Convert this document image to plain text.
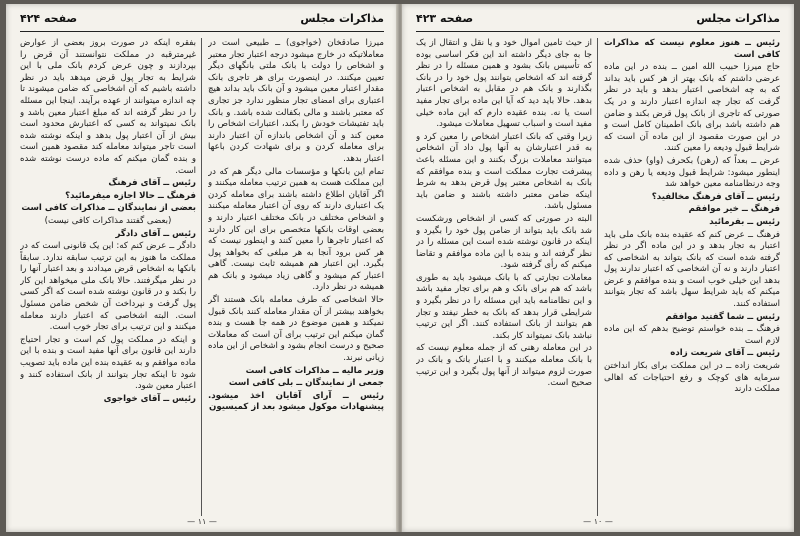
مذاکرات مجلس
صفحه ۴۲۴

میرزا صادقخان (خواجوی) ــ طبیعی است در معاملاتیکه در خارج میشود درجه اعتبار تجار معتبر و اشخاص را دولت با بانک ملتی بانگهای دیگر تعیین میکنند. در اینصورت برای هر تاجری بانک مقدار اعتبار معین میشود و آن بانک باید بداند هیچ اعتباری برای امضای تجار منظور ندارد جز تجاری که معتبر باشند و مالی بکفالت شده باشد. و بانک باید تفتیشات خودش را بکند، اعتبارات اشخاص را معین کند و آن اشخاص باندازه آن اعتبار دارند برای معامله کردن و برای شهادت کردن باعها اعتبار بدهد.

تمام این بانکها و مؤسسات مالی دیگر هم که در این مملکت هست به همین ترتیب معامله میکنند و اگر آقایان اطلاع داشته باشند برای معامله کردن یک اعتباری دارند که روی آن اعتبار معامله میکنند و اشخاص مختلف در بانک مختلف اعتبار دارند و بعضی اوقات بانکها متخصص برای این کار دارند که اعتبار تاجرها را معین کنند و اینطور نیست که هر کس برود آنجا به هر مبلغی که بخواهد پول بگیرد. این اعتبار هم همیشه ثابت نیست. گاهی اعتبار کم میشود و گاهی زیاد میشود و بانک هم همیشه در نظر دارد.

حالا اشخاصی که طرف معامله بانک هستند اگر بخواهند بیشتر از آن مقدار معامله کنند بانک قبول نمیکند و همین موضوع در همه جا هست و بنده گمان میکنم این ترتیب برای آن است که معاملات صحیح و درست انجام بشود و اشخاص از این ماده زیانی نبرند.

وزیر مالیه ــ مذاکرات کافی است

جمعی از نمایندگان ــ بلی کافی است

رئیس ــ آرای آقایان اخذ میشود. پیشنهادات موکول میشود بعد از کمیسیون

بفقره اینکه در صورت بروز بعضی از عوارض غیرمترقبه در مملکت نتوانستند آن قرض را بپردازند و چون عرض کردم بانک ملی با این شرایط به تجار پول قرض میدهد باید در نظر داشته باشیم که آن اشخاصی که ضامن میشوند تا چه اندازه میتوانند از عهده برآیند. اینجا این مسئله را در نظر گرفته اند که مبلغ اعتبار معین باشد و بانک نمیتواند به کسی که اعتبارش محدود است بیش از آن اعتبار پول بدهد و اینکه نوشته شده است تاجر میتواند معامله کند مقصود همین است و بنده گمان میکنم که ماده درست نوشته شده است.

رئیس ــ آقای فرهنگ

فرهنگ ــ حالا اجازه میفرمائید؟

بعضی از نمایندگان ــ مذاکرات کافی است

(بعضی گفتند مذاکرات کافی نیست)

رئیس ــ آقای دادگر

دادگر ــ عرض کنم که: این یک قانونی است که در مملکت ما هنوز به این ترتیب سابقه ندارد. سابقاً بانکها به اشخاص قرض میدادند و بعد اعتبار آنها را در نظر میگرفتند. حالا بانک ملی میخواهد این کار را بکند و در قانون نوشته شده است که اگر کسی پول گرفت و نپرداخت آن شخص ضامن مسئول است. البته اشخاصی که اعتبار دارند معامله میکنند و این ترتیب برای تجار خوب است.

و اینکه در مملکت پول کم است و تجار احتیاج دارند این قانون برای آنها مفید است و بنده با این ماده موافقم و به عقیده بنده این ماده باید تصویب شود تا اینکه تجار بتوانند از بانک استفاده کنند و اعتبار معین شود.

رئیس ــ آقای خواجوی

— ۱۱ —
مذاکرات مجلس
صفحه ۴۲۳

رئیس ــ هنوز معلوم نیست که مذاکرات کافی است

حاج میرزا حبیب الله امین ــ بنده در این ماده عرضی داشتم که بانک بهتر از هر کس باید بداند که به چه اشخاصی اعتبار بدهد و باید در نظر گرفت که تجار چه اندازه اعتبار دارند و در یک صورتی که تاجری از بانک پول قرض بکند و ضامن هم داشته باشد برای بانک اطمینان کامل است و در این صورت مقصود از این ماده آن است که شرایط قبول ودیعه را معین کنند.

عرض ــ بعداً که (رهن) بکحرف (واو) حذف شده اینطور میشود: شرایط قبول ودیعه یا رهن و داده وجه درنظامنامه معین خواهد شد

رئیس ــ آقای فرهنگ مخالفید؟

فرهنگ ــ خیر موافقم

رئیس ــ بفرمائید

فرهنگ ــ عرض کنم که عقیده بنده بانک ملی باید اعتبار به تجار بدهد و در این ماده اگر در نظر گرفته شده است که بانک بتواند به اشخاصی که اعتبار دارند و نه آن اشخاصی که اعتبار ندارند پول بدهد این خیلی خوب است و بنده موافقم و عرض میکنم که باید شرایط سهل باشد که تجار بتوانند استفاده کنند.

رئیس ــ شما گفتید موافقم

فرهنگ ــ بنده خواستم توضیح بدهم که این ماده لازم است

رئیس ــ آقای شریعت زاده

شریعت زاده ــ در این مملکت برای بکار انداختن سرمایه های کوچک و رفع احتیاجات که اهالی مملکت دارند

از حیث تأمین اموال خود و یا نقل و انتقال از یک جا به جای دیگر داشته اند این فکر اساسی بوده که تأسیس بانک بشود و همین مسئله را در نظر گرفته اند که اشخاص بتوانند پول خود را در بانک بگذارند و بانک هم در مقابل به اشخاص اعتبار بدهد. حالا باید دید که آیا این ماده برای تجار مفید است یا نه. بنده عقیده دارم که این ماده خیلی مفید است و اسباب تسهیل معاملات میشود.

زیرا وقتی که بانک اعتبار اشخاص را معین کرد و به قدر اعتبارشان به آنها پول داد آن اشخاص میتوانند معاملات بزرگ بکنند و این مسئله باعث پیشرفت تجارت مملکت است و بنده موافقم که بانک به اشخاص معتبر پول قرض بدهد به شرط اینکه ضامن معتبر داشته باشند و ضامن باید مسئول باشد.

البته در صورتی که کسی از اشخاص ورشکست شد بانک باید بتواند از ضامن پول خود را بگیرد و اینکه در قانون نوشته شده است این مسئله را در نظر گرفته اند و بنده با این ماده موافقم و تقاضا میکنم که رأی گرفته شود.

معاملات تجارتی که با بانک میشود باید به طوری باشد که هم برای بانک و هم برای تجار مفید باشد و این نظامنامه باید این مسئله را در نظر بگیرد و شرایطی قرار بدهد که بانک به خطر نیفتد و تجار هم بتوانند از بانک استفاده کنند. اگر این ترتیب نباشد بانک نمیتواند کار بکند.

در این معامله رهنی که از جمله معلوم نیست که با بانک معامله میکنند و با اعتبار بانک و بانک در صورت لزوم میتواند از آنها پول بگیرد و این ترتیب صحیح است.

— ۱۰ —
